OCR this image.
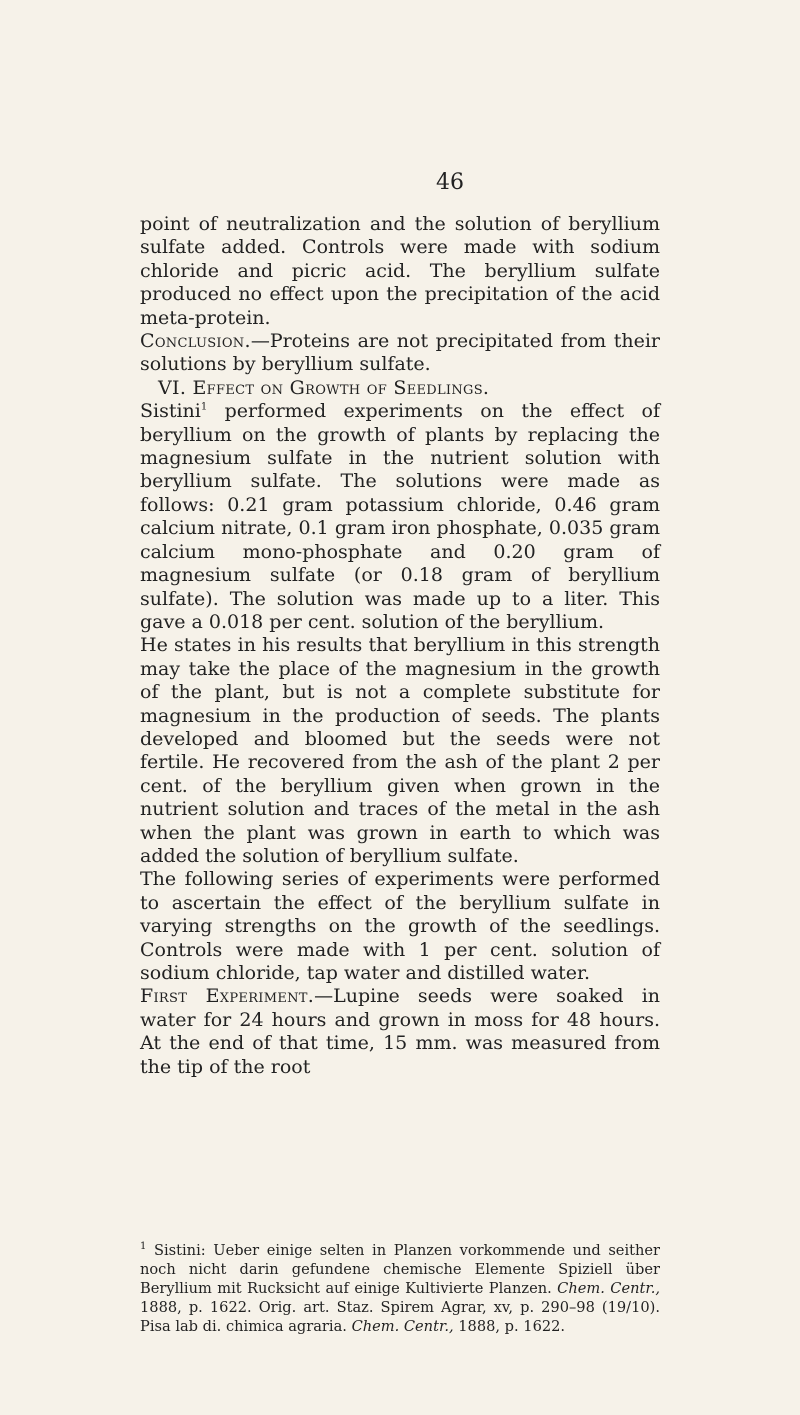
46

point of neutralization and the solution of beryllium sulfate added. Controls were made with sodium chloride and picric acid. The beryllium sulfate produced no effect upon the precipitation of the acid meta-protein.

Conclusion.—Proteins are not precipitated from their solutions by beryllium sulfate.

VI. Effect on Growth of Seedlings.

Sistini$^1$ performed experiments on the effect of beryllium on the growth of plants by replacing the magnesium sulfate in the nutrient solution with beryllium sulfate. The solutions were made as follows: 0.21 gram potassium chloride, 0.46 gram calcium nitrate, 0.1 gram iron phosphate, 0.035 gram calcium mono-phosphate and 0.20 gram of magnesium sulfate (or 0.18 gram of beryllium sulfate). The solution was made up to a liter. This gave a 0.018 per cent. solution of the beryllium.

He states in his results that beryllium in this strength may take the place of the magnesium in the growth of the plant, but is not a complete substitute for magnesium in the production of seeds. The plants developed and bloomed but the seeds were not fertile. He recovered from the ash of the plant 2 per cent. of the beryllium given when grown in the nutrient solution and traces of the metal in the ash when the plant was grown in earth to which was added the solution of beryllium sulfate.

The following series of experiments were performed to ascertain the effect of the beryllium sulfate in varying strengths on the growth of the seedlings. Controls were made with 1 per cent. solution of sodium chloride, tap water and distilled water.

First Experiment.—Lupine seeds were soaked in water for 24 hours and grown in moss for 48 hours. At the end of that time, 15 mm. was measured from the tip of the root

$^1$ Sistini: Ueber einige selten in Planzen vorkommende und seither noch nicht darin gefundene chemische Elemente Spiziell über Beryllium mit Rucksicht auf einige Kultivierte Planzen. Chem. Centr., 1888, p. 1622. Orig. art. Staz. Spirem Agrar, xv, p. 290–98 (19/10). Pisa lab di. chimica agraria. Chem. Centr., 1888, p. 1622.
